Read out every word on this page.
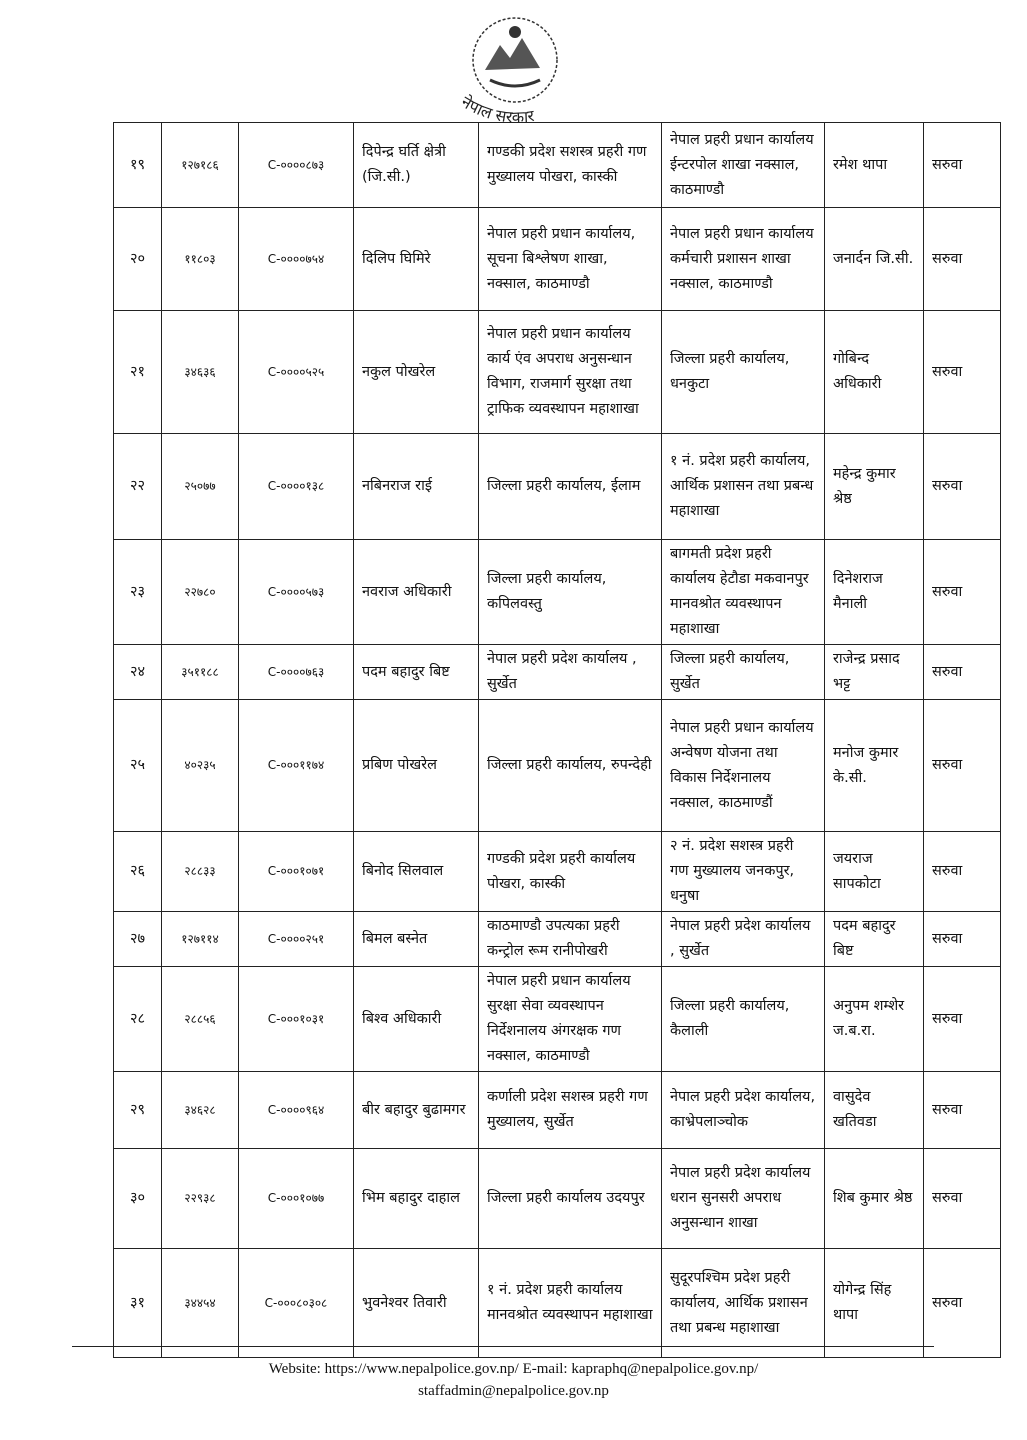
नेपाल सरकार
१९	१२७१८६	C-००००८७३	दिपेन्द्र घर्ति क्षेत्री (जि.सी.)	गण्डकी प्रदेश सशस्त्र प्रहरी गण मुख्यालय पोखरा, कास्की	नेपाल प्रहरी प्रधान कार्यालय ईन्टरपोल शाखा नक्साल, काठमाण्डौ	रमेश थापा	सरुवा
२०	११८०३	C-००००७५४	दिलिप घिमिरे	नेपाल प्रहरी प्रधान कार्यालय, सूचना बिश्लेषण शाखा, नक्साल, काठमाण्डौ	नेपाल प्रहरी प्रधान कार्यालय कर्मचारी प्रशासन शाखा नक्साल, काठमाण्डौ	जनार्दन जि.सी.	सरुवा
२१	३४६३६	C-००००५२५	नकुल पोखरेल	नेपाल प्रहरी प्रधान कार्यालय कार्य एंव अपराध अनुसन्धान विभाग, राजमार्ग सुरक्षा तथा ट्राफिक व्यवस्थापन महाशाखा	जिल्ला प्रहरी कार्यालय, धनकुटा	गोबिन्द अधिकारी	सरुवा
२२	२५०७७	C-००००१३८	नबिनराज राई	जिल्ला प्रहरी कार्यालय, ईलाम	१ नं. प्रदेश प्रहरी कार्यालय, आर्थिक प्रशासन तथा प्रबन्ध महाशाखा	महेन्द्र कुमार श्रेष्ठ	सरुवा
२३	२२७८०	C-००००५७३	नवराज अधिकारी	जिल्ला प्रहरी कार्यालय, कपिलवस्तु	बागमती प्रदेश प्रहरी कार्यालय हेटौडा मकवानपुर मानवश्रोत व्यवस्थापन महाशाखा	दिनेशराज मैनाली	सरुवा
२४	३५११८८	C-००००७६३	पदम बहादुर बिष्ट	नेपाल प्रहरी प्रदेश कार्यालय , सुर्खेत	जिल्ला प्रहरी कार्यालय, सुर्खेत	राजेन्द्र प्रसाद भट्ट	सरुवा
२५	४०२३५	C-०००११७४	प्रबिण पोखरेल	जिल्ला प्रहरी कार्यालय, रुपन्देही	नेपाल प्रहरी प्रधान कार्यालय अन्वेषण योजना तथा विकास निर्देशनालय नक्साल, काठमाण्डौं	मनोज कुमार के.सी.	सरुवा
२६	२८८३३	C-०००१०७१	बिनोद सिलवाल	गण्डकी प्रदेश प्रहरी कार्यालय पोखरा, कास्की	२ नं. प्रदेश सशस्त्र प्रहरी गण मुख्यालय जनकपुर, धनुषा	जयराज सापकोटा	सरुवा
२७	१२७११४	C-००००२५१	बिमल बस्नेत	काठमाण्डौ उपत्यका प्रहरी कन्ट्रोल रूम रानीपोखरी	नेपाल प्रहरी प्रदेश कार्यालय , सुर्खेत	पदम बहादुर बिष्ट	सरुवा
२८	२८८५६	C-०००१०३१	बिश्व अधिकारी	नेपाल प्रहरी प्रधान कार्यालय सुरक्षा सेवा व्यवस्थापन निर्देशनालय अंगरक्षक गण नक्साल, काठमाण्डौ	जिल्ला प्रहरी कार्यालय, कैलाली	अनुपम शम्शेर ज.ब.रा.	सरुवा
२९	३४६२८	C-००००९६४	बीर बहादुर बुढामगर	कर्णाली प्रदेश सशस्त्र प्रहरी गण मुख्यालय, सुर्खेत	नेपाल प्रहरी प्रदेश कार्यालय, काभ्रेपलाञ्चोक	वासुदेव खतिवडा	सरुवा
३०	२२९३८	C-०००१०७७	भिम बहादुर दाहाल	जिल्ला प्रहरी कार्यालय उदयपुर	नेपाल प्रहरी प्रदेश कार्यालय धरान सुनसरी अपराध अनुसन्धान शाखा	शिब कुमार श्रेष्ठ	सरुवा
३१	३४४५४	C-०००८०३०८	भुवनेश्वर तिवारी	१ नं. प्रदेश प्रहरी कार्यालय मानवश्रोत व्यवस्थापन महाशाखा	सुदूरपश्चिम प्रदेश प्रहरी कार्यालय, आर्थिक प्रशासन तथा प्रबन्ध महाशाखा	योगेन्द्र सिंह थापा	सरुवा
Website: https://www.nepalpolice.gov.np/ E-mail: kapraphq@nepalpolice.gov.np/
staffadmin@nepalpolice.gov.np
